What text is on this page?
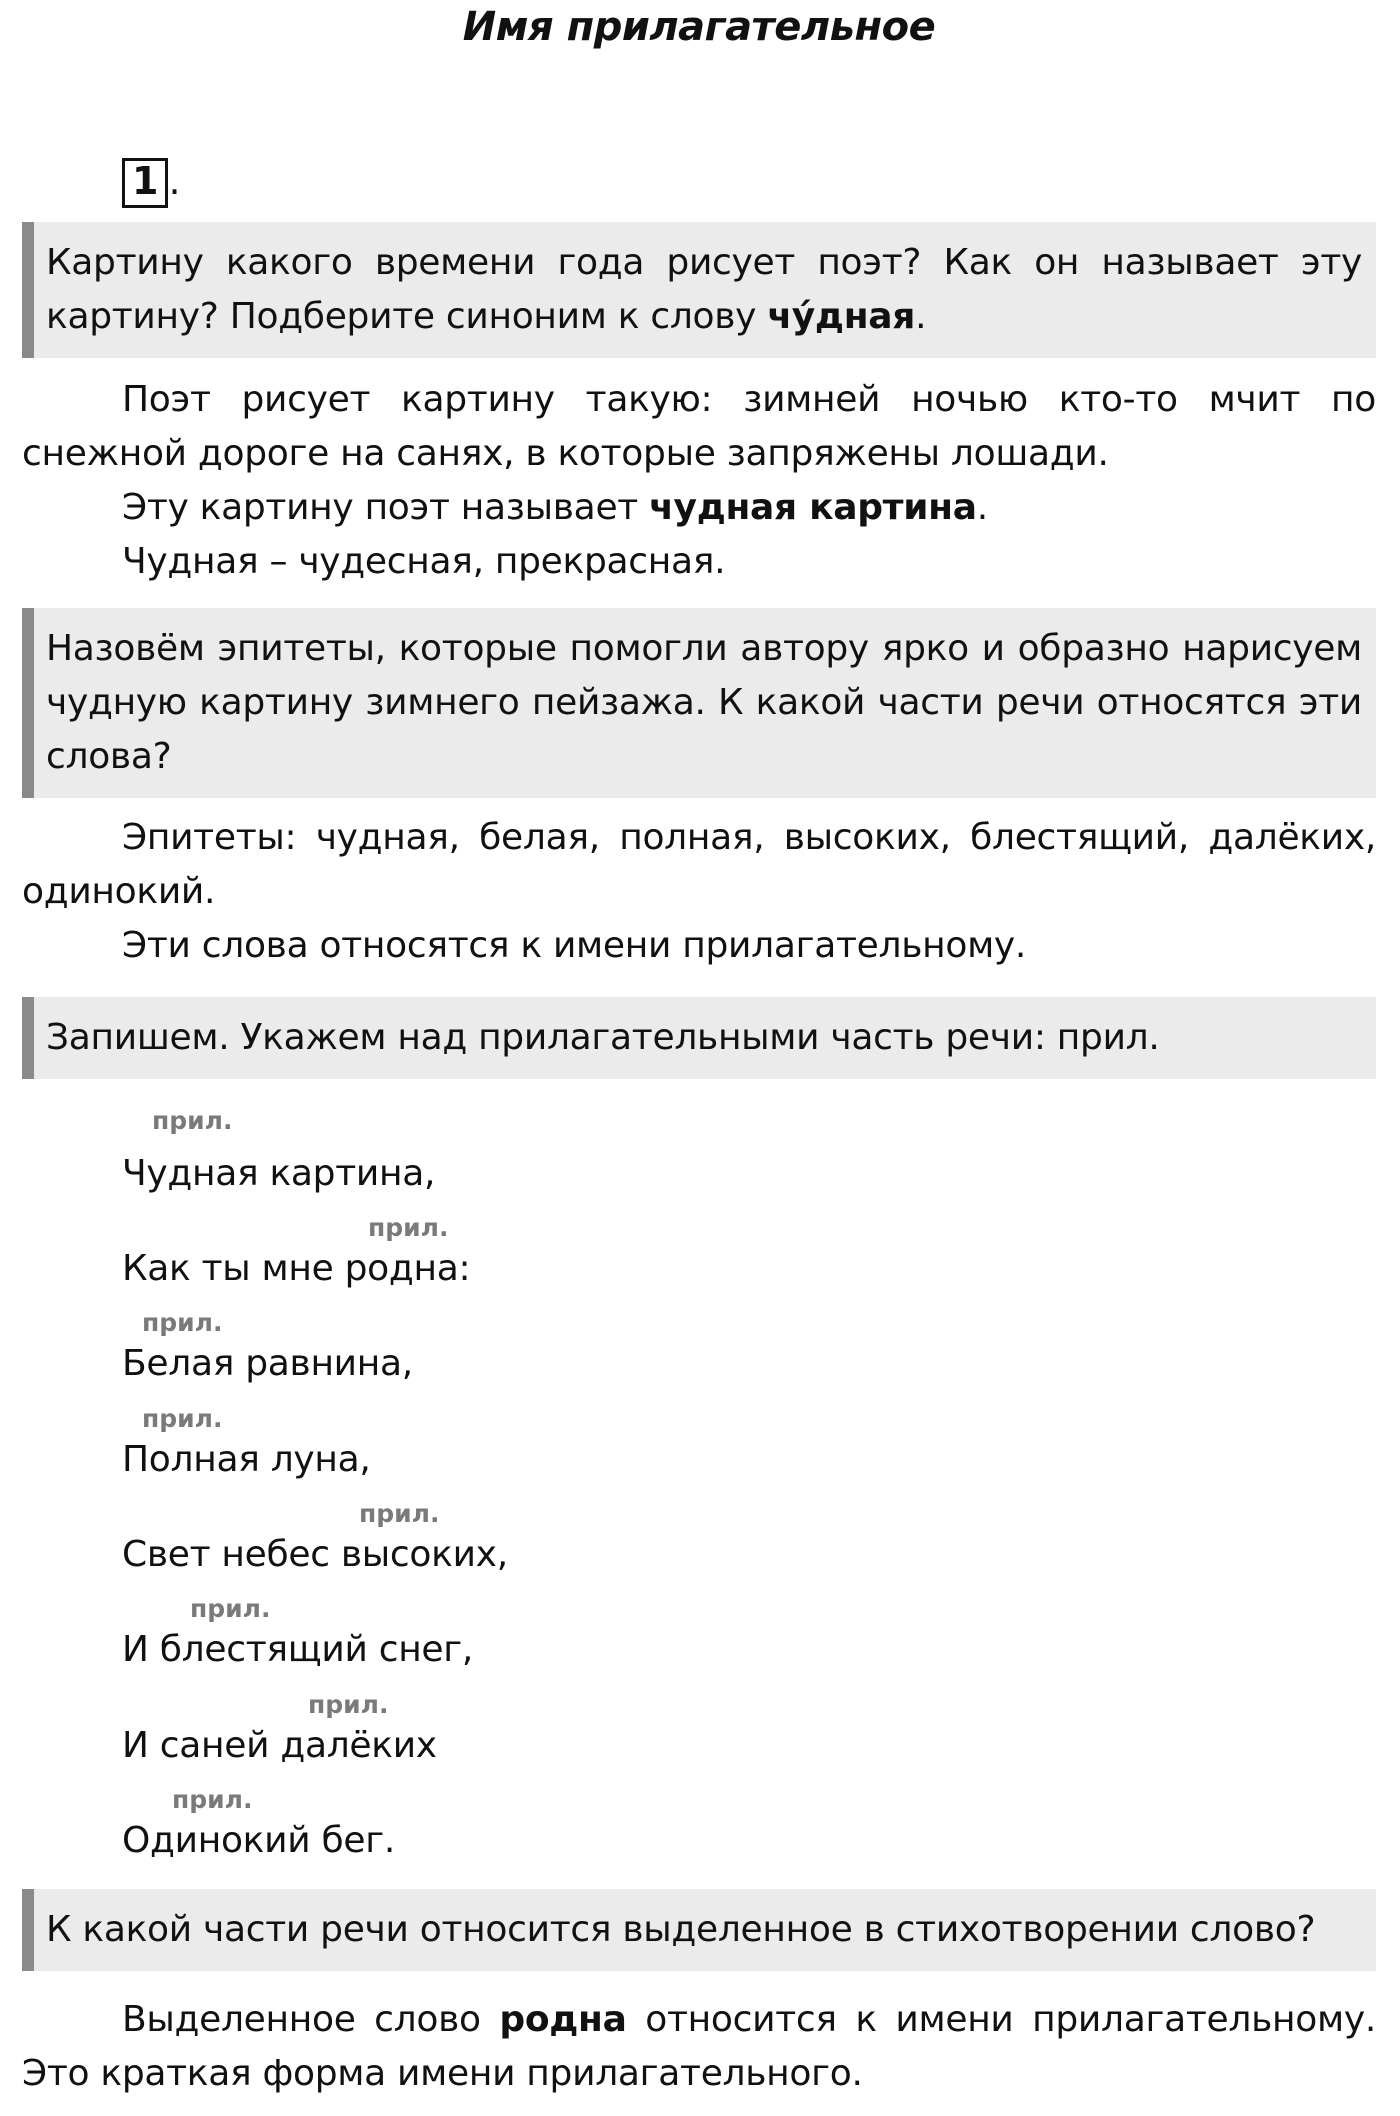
Имя прилагательное
1 .
Картину какого времени года рисует поэт? Как он называет эту картину? Подберите синоним к слову чу́дная.

Поэт рисует картину такую: зимней ночью кто-то мчит по снежной дороге на санях, в которые запряжены лошади.

Эту картину поэт называет чудная картина.

Чудная – чудесная, прекрасная.

Назовём эпитеты, которые помогли автору ярко и образно нарисуем чудную картину зимнего пейзажа. К какой части речи относятся эти слова?

Эпитеты: чудная, белая, полная, высоких, блестящий, далёких, одинокий.

Эти слова относятся к имени прилагательному.

Запишем. Укажем над прилагательными часть речи: прил.
прил.
Чудная картина,
прил.
Как ты мне родна:
прил.
Белая равнина,
прил.
Полная луна,
прил.
Свет небес высоких,
прил.
И блестящий снег,
прил.
И саней далёких
прил.
Одинокий бег.
К какой части речи относится выделенное в стихотворении слово?

Выделенное слово родна относится к имени прилагательному. Это краткая форма имени прилагательного.
